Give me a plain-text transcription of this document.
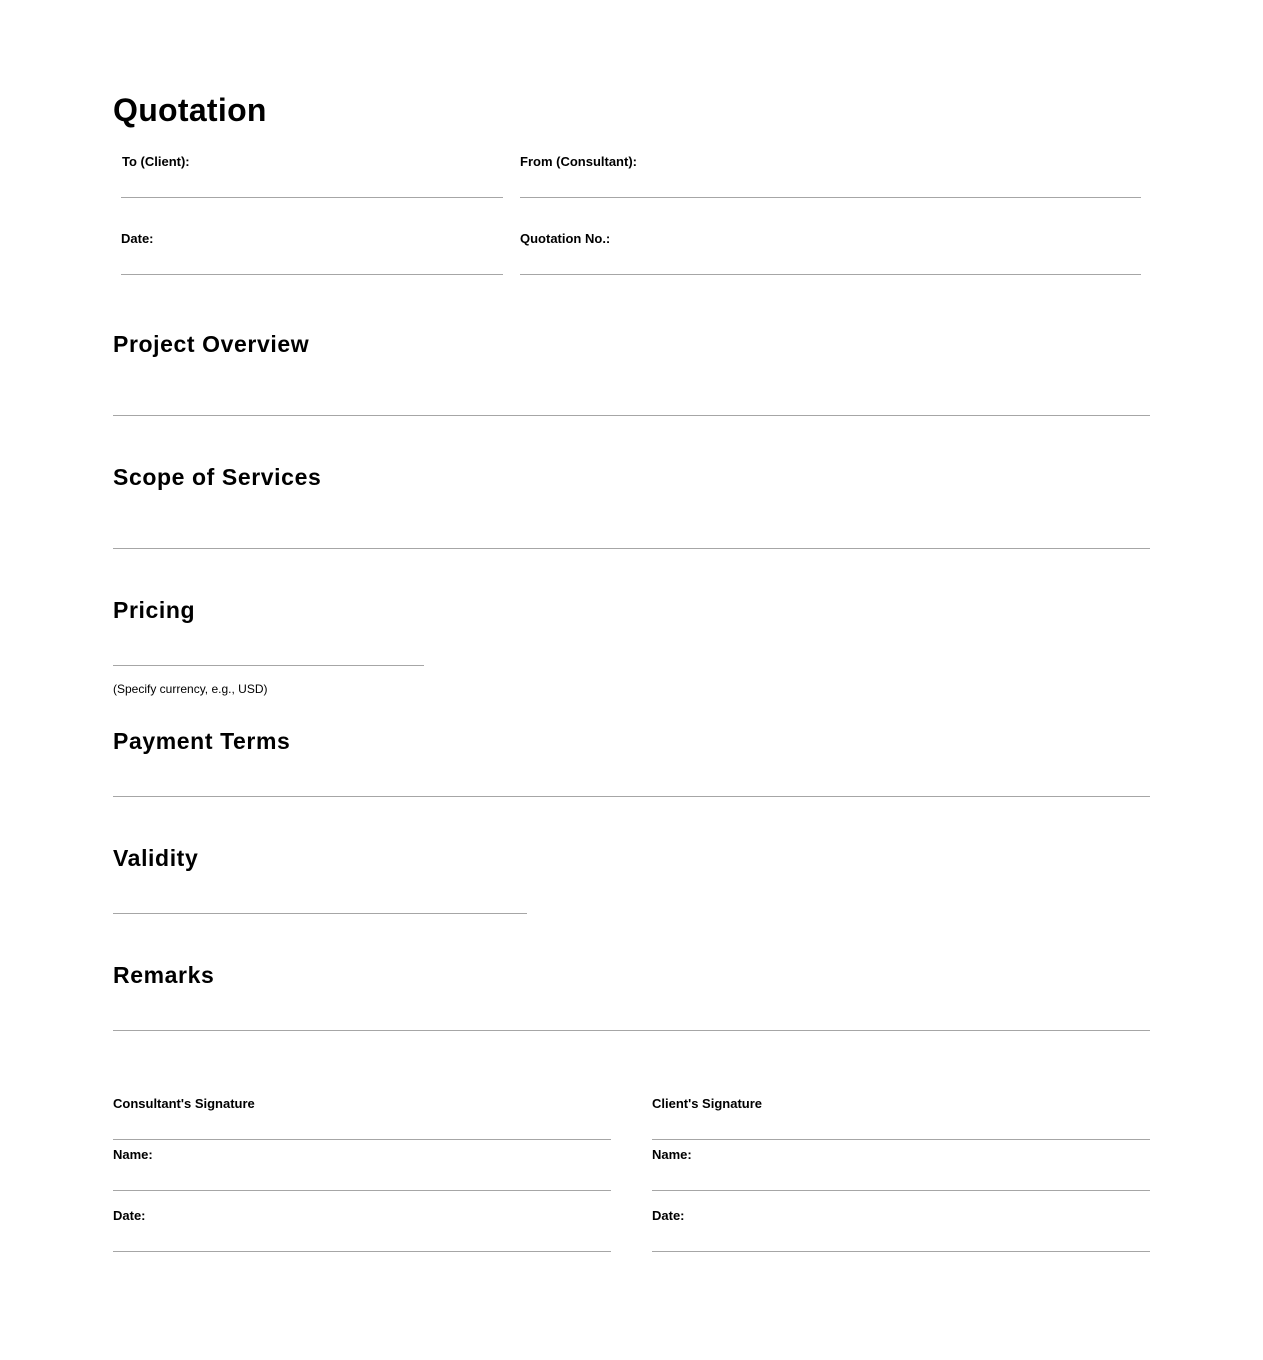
Quotation
To (Client):	From (Consultant):
Date:	Quotation No.:
Project Overview
Scope of Services
Pricing
(Specify currency, e.g., USD)
Payment Terms
Validity
Remarks
Consultant's Signature
Name:
Date:
Client's Signature
Name:
Date:
